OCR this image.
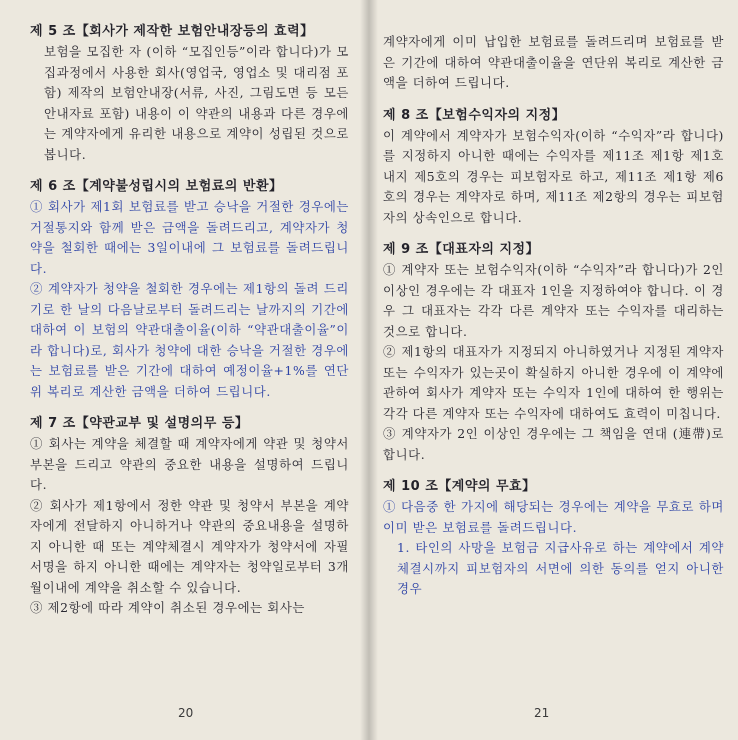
제 5 조【회사가 제작한 보험안내장등의 효력】

보험을 모집한 자 (이하 “모집인등”이라 합니다)가 모집과정에서 사용한 회사(영업국, 영업소 및 대리점 포함) 제작의 보험안내장(서류, 사진, 그림도면 등 모든 안내자료 포함) 내용이 이 약관의 내용과 다른 경우에는 계약자에게 유리한 내용으로 계약이 성립된 것으로 봅니다.

제 6 조【계약불성립시의 보험료의 반환】

① 회사가 제1회 보험료를 받고 승낙을 거절한 경우에는 거절통지와 함께 받은 금액을 돌려드리고, 계약자가 청약을 철회한 때에는 3일이내에 그 보험료를 돌려드립니다.

② 계약자가 청약을 철회한 경우에는 제1항의 돌려 드리기로 한 날의 다음날로부터 돌려드리는 날까지의 기간에 대하여 이 보험의 약관대출이율(이하 “약관대출이율”이라 합니다)로, 회사가 청약에 대한 승낙을 거절한 경우에는 보험료를 받은 기간에 대하여 예정이율+1%를 연단위 복리로 계산한 금액을 더하여 드립니다.

제 7 조【약관교부 및 설명의무 등】

① 회사는 계약을 체결할 때 계약자에게 약관 및 청약서 부본을 드리고 약관의 중요한 내용을 설명하여 드립니다.

② 회사가 제1항에서 정한 약관 및 청약서 부본을 계약자에게 전달하지 아니하거나 약관의 중요내용을 설명하지 아니한 때 또는 계약체결시 계약자가 청약서에 자필서명을 하지 아니한 때에는 계약자는 청약일로부터 3개월이내에 계약을 취소할 수 있습니다.

③ 제2항에 따라 계약이 취소된 경우에는 회사는

20

계약자에게 이미 납입한 보험료를 돌려드리며 보험료를 받은 기간에 대하여 약관대출이율을 연단위 복리로 계산한 금액을 더하여 드립니다.

제 8 조【보험수익자의 지정】

이 계약에서 계약자가 보험수익자(이하 “수익자”라 합니다)를 지정하지 아니한 때에는 수익자를 제11조 제1항 제1호 내지 제5호의 경우는 피보험자로 하고, 제11조 제1항 제6호의 경우는 계약자로 하며, 제11조 제2항의 경우는 피보험자의 상속인으로 합니다.

제 9 조【대표자의 지정】

① 계약자 또는 보험수익자(이하 “수익자”라 합니다)가 2인 이상인 경우에는 각 대표자 1인을 지정하여야 합니다. 이 경우 그 대표자는 각각 다른 계약자 또는 수익자를 대리하는 것으로 합니다.

② 제1항의 대표자가 지정되지 아니하였거나 지정된 계약자 또는 수익자가 있는곳이 확실하지 아니한 경우에 이 계약에 관하여 회사가 계약자 또는 수익자 1인에 대하여 한 행위는 각각 다른 계약자 또는 수익자에 대하여도 효력이 미칩니다.

③ 계약자가 2인 이상인 경우에는 그 책임을 연대 (連帶)로 합니다.

제 10 조【계약의 무효】

① 다음중 한 가지에 해당되는 경우에는 계약을 무효로 하며 이미 받은 보험료를 돌려드립니다.

1. 타인의 사망을 보험금 지급사유로 하는 계약에서 계약체결시까지 피보험자의 서면에 의한 동의를 얻지 아니한 경우

21
